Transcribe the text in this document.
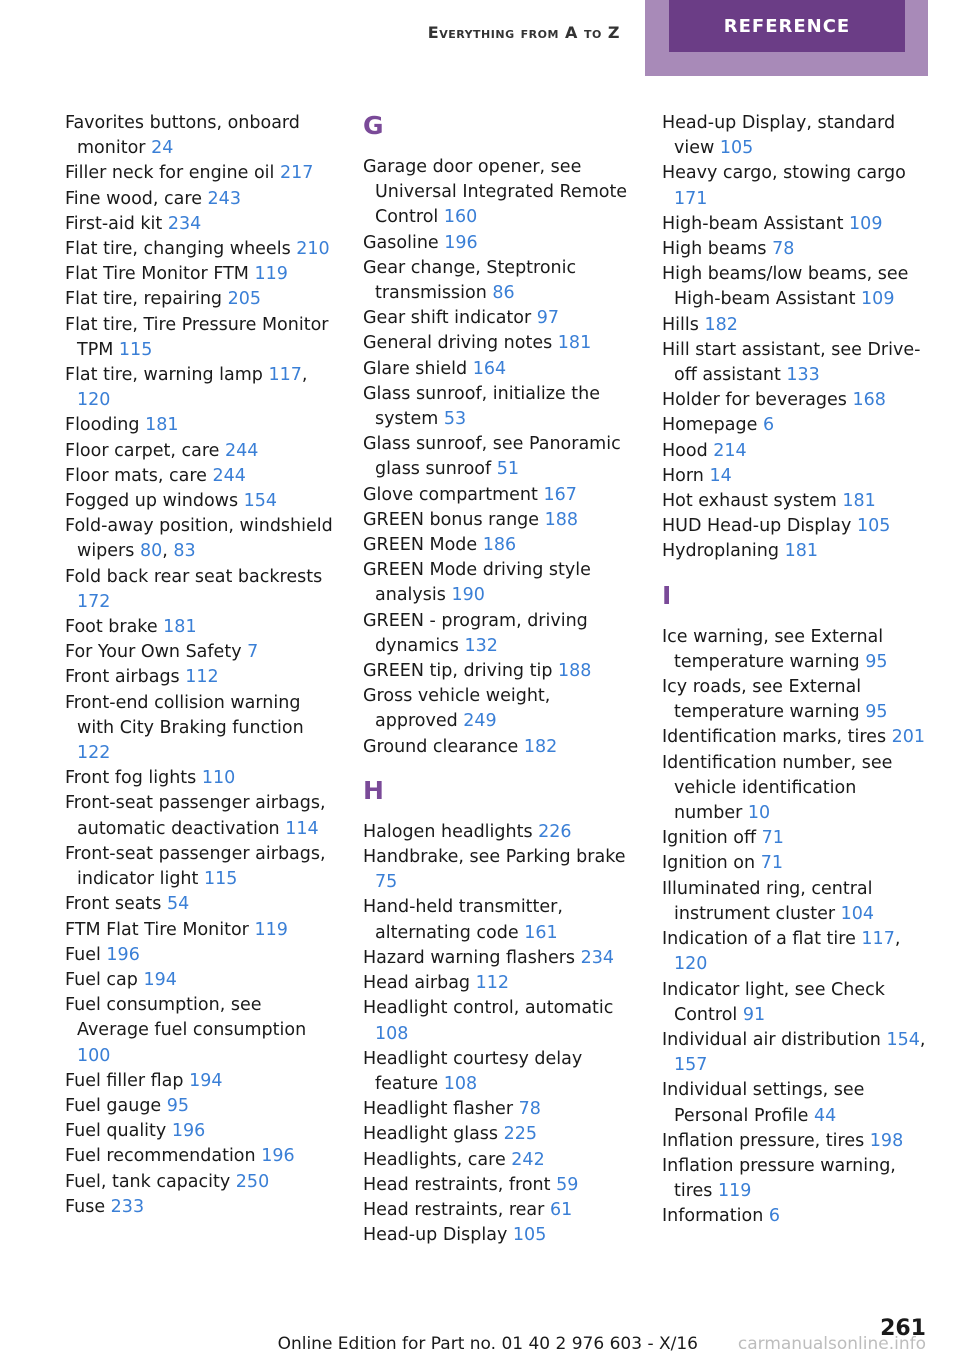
Everything from A to Z	REFERENCE

Favorites buttons, onboard monitor 24

Filler neck for engine oil 217

Fine wood, care 243

First-aid kit 234

Flat tire, changing wheels 210

Flat Tire Monitor FTM 119

Flat tire, repairing 205

Flat tire, Tire Pressure Monitor TPM 115

Flat tire, warning lamp 117, 120

Flooding 181

Floor carpet, care 244

Floor mats, care 244

Fogged up windows 154

Fold-away position, windshield wipers 80, 83

Fold back rear seat backrests 172

Foot brake 181

For Your Own Safety 7

Front airbags 112

Front-end collision warning with City Braking function 122

Front fog lights 110

Front-seat passenger airbags, automatic deactivation 114

Front-seat passenger airbags, indicator light 115

Front seats 54

FTM Flat Tire Monitor 119

Fuel 196

Fuel cap 194

Fuel consumption, see Average fuel consumption 100

Fuel filler flap 194

Fuel gauge 95

Fuel quality 196

Fuel recommendation 196

Fuel, tank capacity 250

Fuse 233

G

Garage door opener, see Universal Integrated Remote Control 160

Gasoline 196

Gear change, Steptronic transmission 86

Gear shift indicator 97

General driving notes 181

Glare shield 164

Glass sunroof, initialize the system 53

Glass sunroof, see Panoramic glass sunroof 51

Glove compartment 167

GREEN bonus range 188

GREEN Mode 186

GREEN Mode driving style analysis 190

GREEN - program, driving dynamics 132

GREEN tip, driving tip 188

Gross vehicle weight, approved 249

Ground clearance 182

H

Halogen headlights 226

Handbrake, see Parking brake 75

Hand-held transmitter, alternating code 161

Hazard warning flashers 234

Head airbag 112

Headlight control, automatic 108

Headlight courtesy delay feature 108

Headlight flasher 78

Headlight glass 225

Headlights, care 242

Head restraints, front 59

Head restraints, rear 61

Head-up Display 105

Head-up Display, standard view 105

Heavy cargo, stowing cargo 171

High-beam Assistant 109

High beams 78

High beams/low beams, see High-beam Assistant 109

Hills 182

Hill start assistant, see Drive-off assistant 133

Holder for beverages 168

Homepage 6

Hood 214

Horn 14

Hot exhaust system 181

HUD Head-up Display 105

Hydroplaning 181

I

Ice warning, see External temperature warning 95

Icy roads, see External temperature warning 95

Identification marks, tires 201

Identification number, see vehicle identification number 10

Ignition off 71

Ignition on 71

Illuminated ring, central instrument cluster 104

Indication of a flat tire 117, 120

Indicator light, see Check Control 91

Individual air distribution 154, 157

Individual settings, see Personal Profile 44

Inflation pressure, tires 198

Inflation pressure warning, tires 119

Information 6

261
carmanualsonline.info
Online Edition for Part no. 01 40 2 976 603 - X/16
